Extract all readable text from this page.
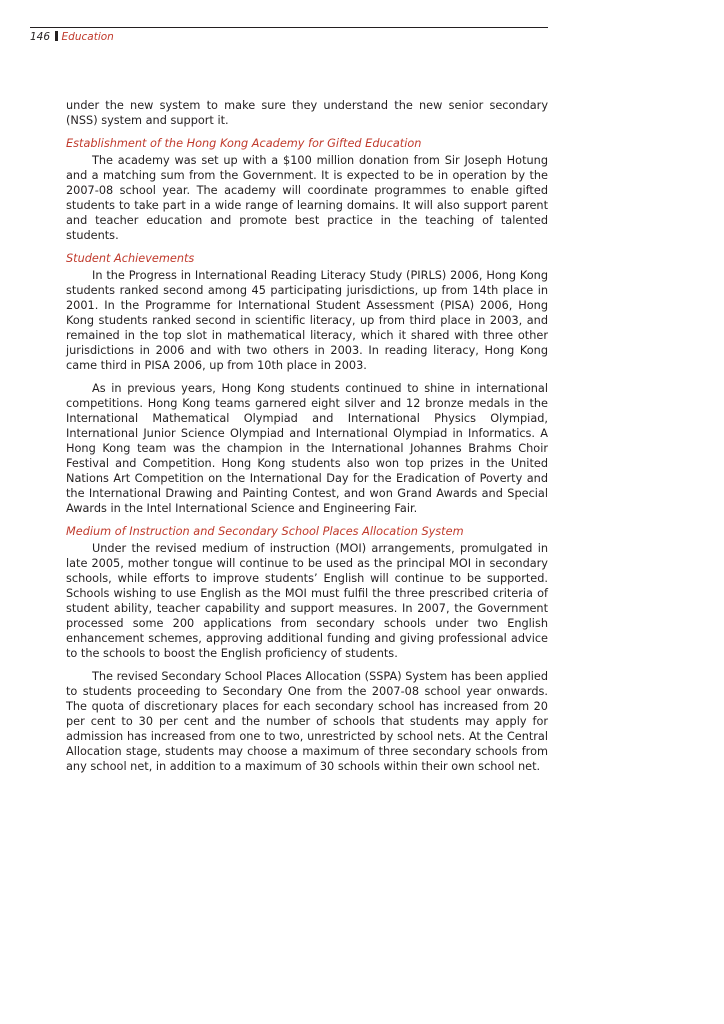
146 Education

under the new system to make sure they understand the new senior secondary (NSS) system and support it.

Establishment of the Hong Kong Academy for Gifted Education

The academy was set up with a $100 million donation from Sir Joseph Hotung and a matching sum from the Government. It is expected to be in operation by the 2007-08 school year. The academy will coordinate programmes to enable gifted students to take part in a wide range of learning domains. It will also support parent and teacher education and promote best practice in the teaching of talented students.

Student Achievements

In the Progress in International Reading Literacy Study (PIRLS) 2006, Hong Kong students ranked second among 45 participating jurisdictions, up from 14th place in 2001. In the Programme for International Student Assessment (PISA) 2006, Hong Kong students ranked second in scientific literacy, up from third place in 2003, and remained in the top slot in mathematical literacy, which it shared with three other jurisdictions in 2006 and with two others in 2003. In reading literacy, Hong Kong came third in PISA 2006, up from 10th place in 2003.

As in previous years, Hong Kong students continued to shine in international competitions. Hong Kong teams garnered eight silver and 12 bronze medals in the International Mathematical Olympiad and International Physics Olympiad, International Junior Science Olympiad and International Olympiad in Informatics. A Hong Kong team was the champion in the International Johannes Brahms Choir Festival and Competition. Hong Kong students also won top prizes in the United Nations Art Competition on the International Day for the Eradication of Poverty and the International Drawing and Painting Contest, and won Grand Awards and Special Awards in the Intel International Science and Engineering Fair.

Medium of Instruction and Secondary School Places Allocation System

Under the revised medium of instruction (MOI) arrangements, promulgated in late 2005, mother tongue will continue to be used as the principal MOI in secondary schools, while efforts to improve students’ English will continue to be supported. Schools wishing to use English as the MOI must fulfil the three prescribed criteria of student ability, teacher capability and support measures. In 2007, the Government processed some 200 applications from secondary schools under two English enhancement schemes, approving additional funding and giving professional advice to the schools to boost the English proficiency of students.

The revised Secondary School Places Allocation (SSPA) System has been applied to students proceeding to Secondary One from the 2007-08 school year onwards. The quota of discretionary places for each secondary school has increased from 20 per cent to 30 per cent and the number of schools that students may apply for admission has increased from one to two, unrestricted by school nets. At the Central Allocation stage, students may choose a maximum of three secondary schools from any school net, in addition to a maximum of 30 schools within their own school net.
